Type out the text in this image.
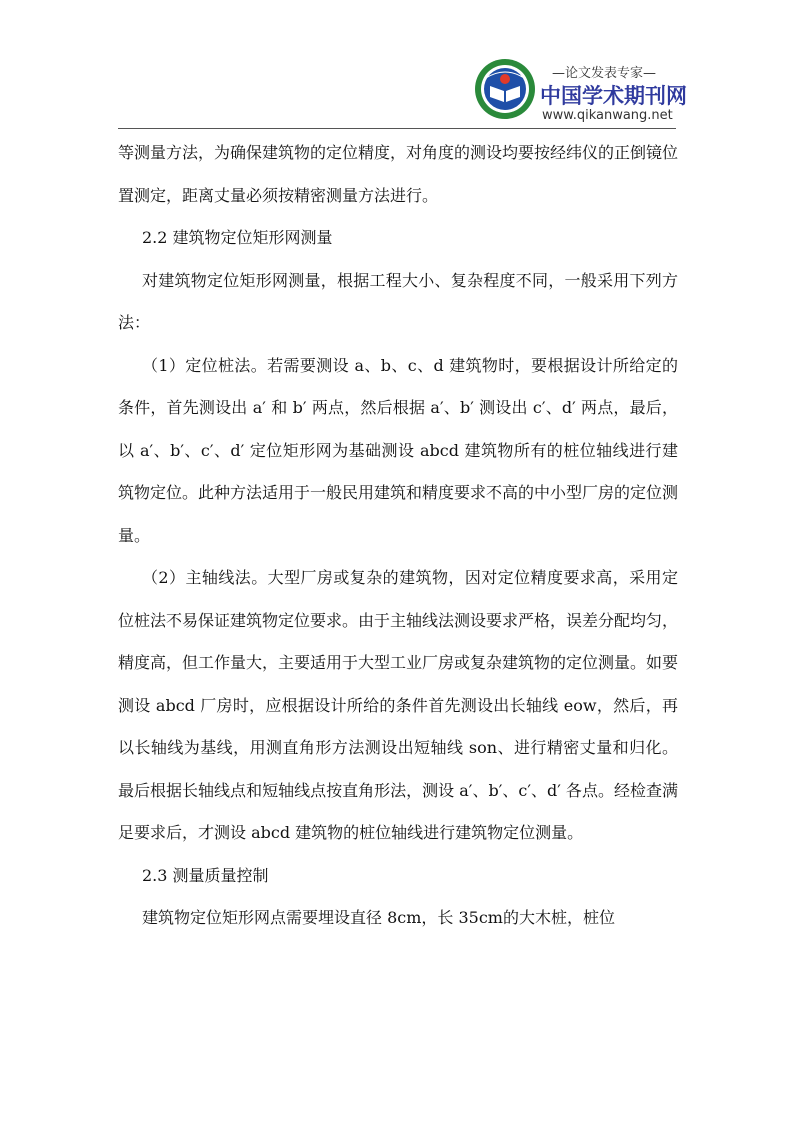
—论文发表专家—
中国学术期刊网
www.qikanwang.net

等测量方法，为确保建筑物的定位精度，对角度的测设均要按经纬仪的正倒镜位置测定，距离丈量必须按精密测量方法进行。

2.2 建筑物定位矩形网测量

对建筑物定位矩形网测量，根据工程大小、复杂程度不同，一般采用下列方法：

（1）定位桩法。若需要测设 a、b、c、d 建筑物时，要根据设计所给定的条件，首先测设出 a′ 和 b′ 两点，然后根据 a′、b′ 测设出 c′、d′ 两点，最后，以 a′、b′、c′、d′ 定位矩形网为基础测设 abcd 建筑物所有的桩位轴线进行建筑物定位。此种方法适用于一般民用建筑和精度要求不高的中小型厂房的定位测量。

（2）主轴线法。大型厂房或复杂的建筑物，因对定位精度要求高，采用定位桩法不易保证建筑物定位要求。由于主轴线法测设要求严格，误差分配均匀，精度高，但工作量大，主要适用于大型工业厂房或复杂建筑物的定位测量。如要测设 abcd 厂房时，应根据设计所给的条件首先测设出长轴线 eow，然后，再以长轴线为基线，用测直角形方法测设出短轴线 son、进行精密丈量和归化。最后根据长轴线点和短轴线点按直角形法，测设 a′、b′、c′、d′ 各点。经检查满足要求后，才测设 abcd 建筑物的桩位轴线进行建筑物定位测量。

2.3 测量质量控制

建筑物定位矩形网点需要埋设直径 8cm，长 35cm的大木桩，桩位
